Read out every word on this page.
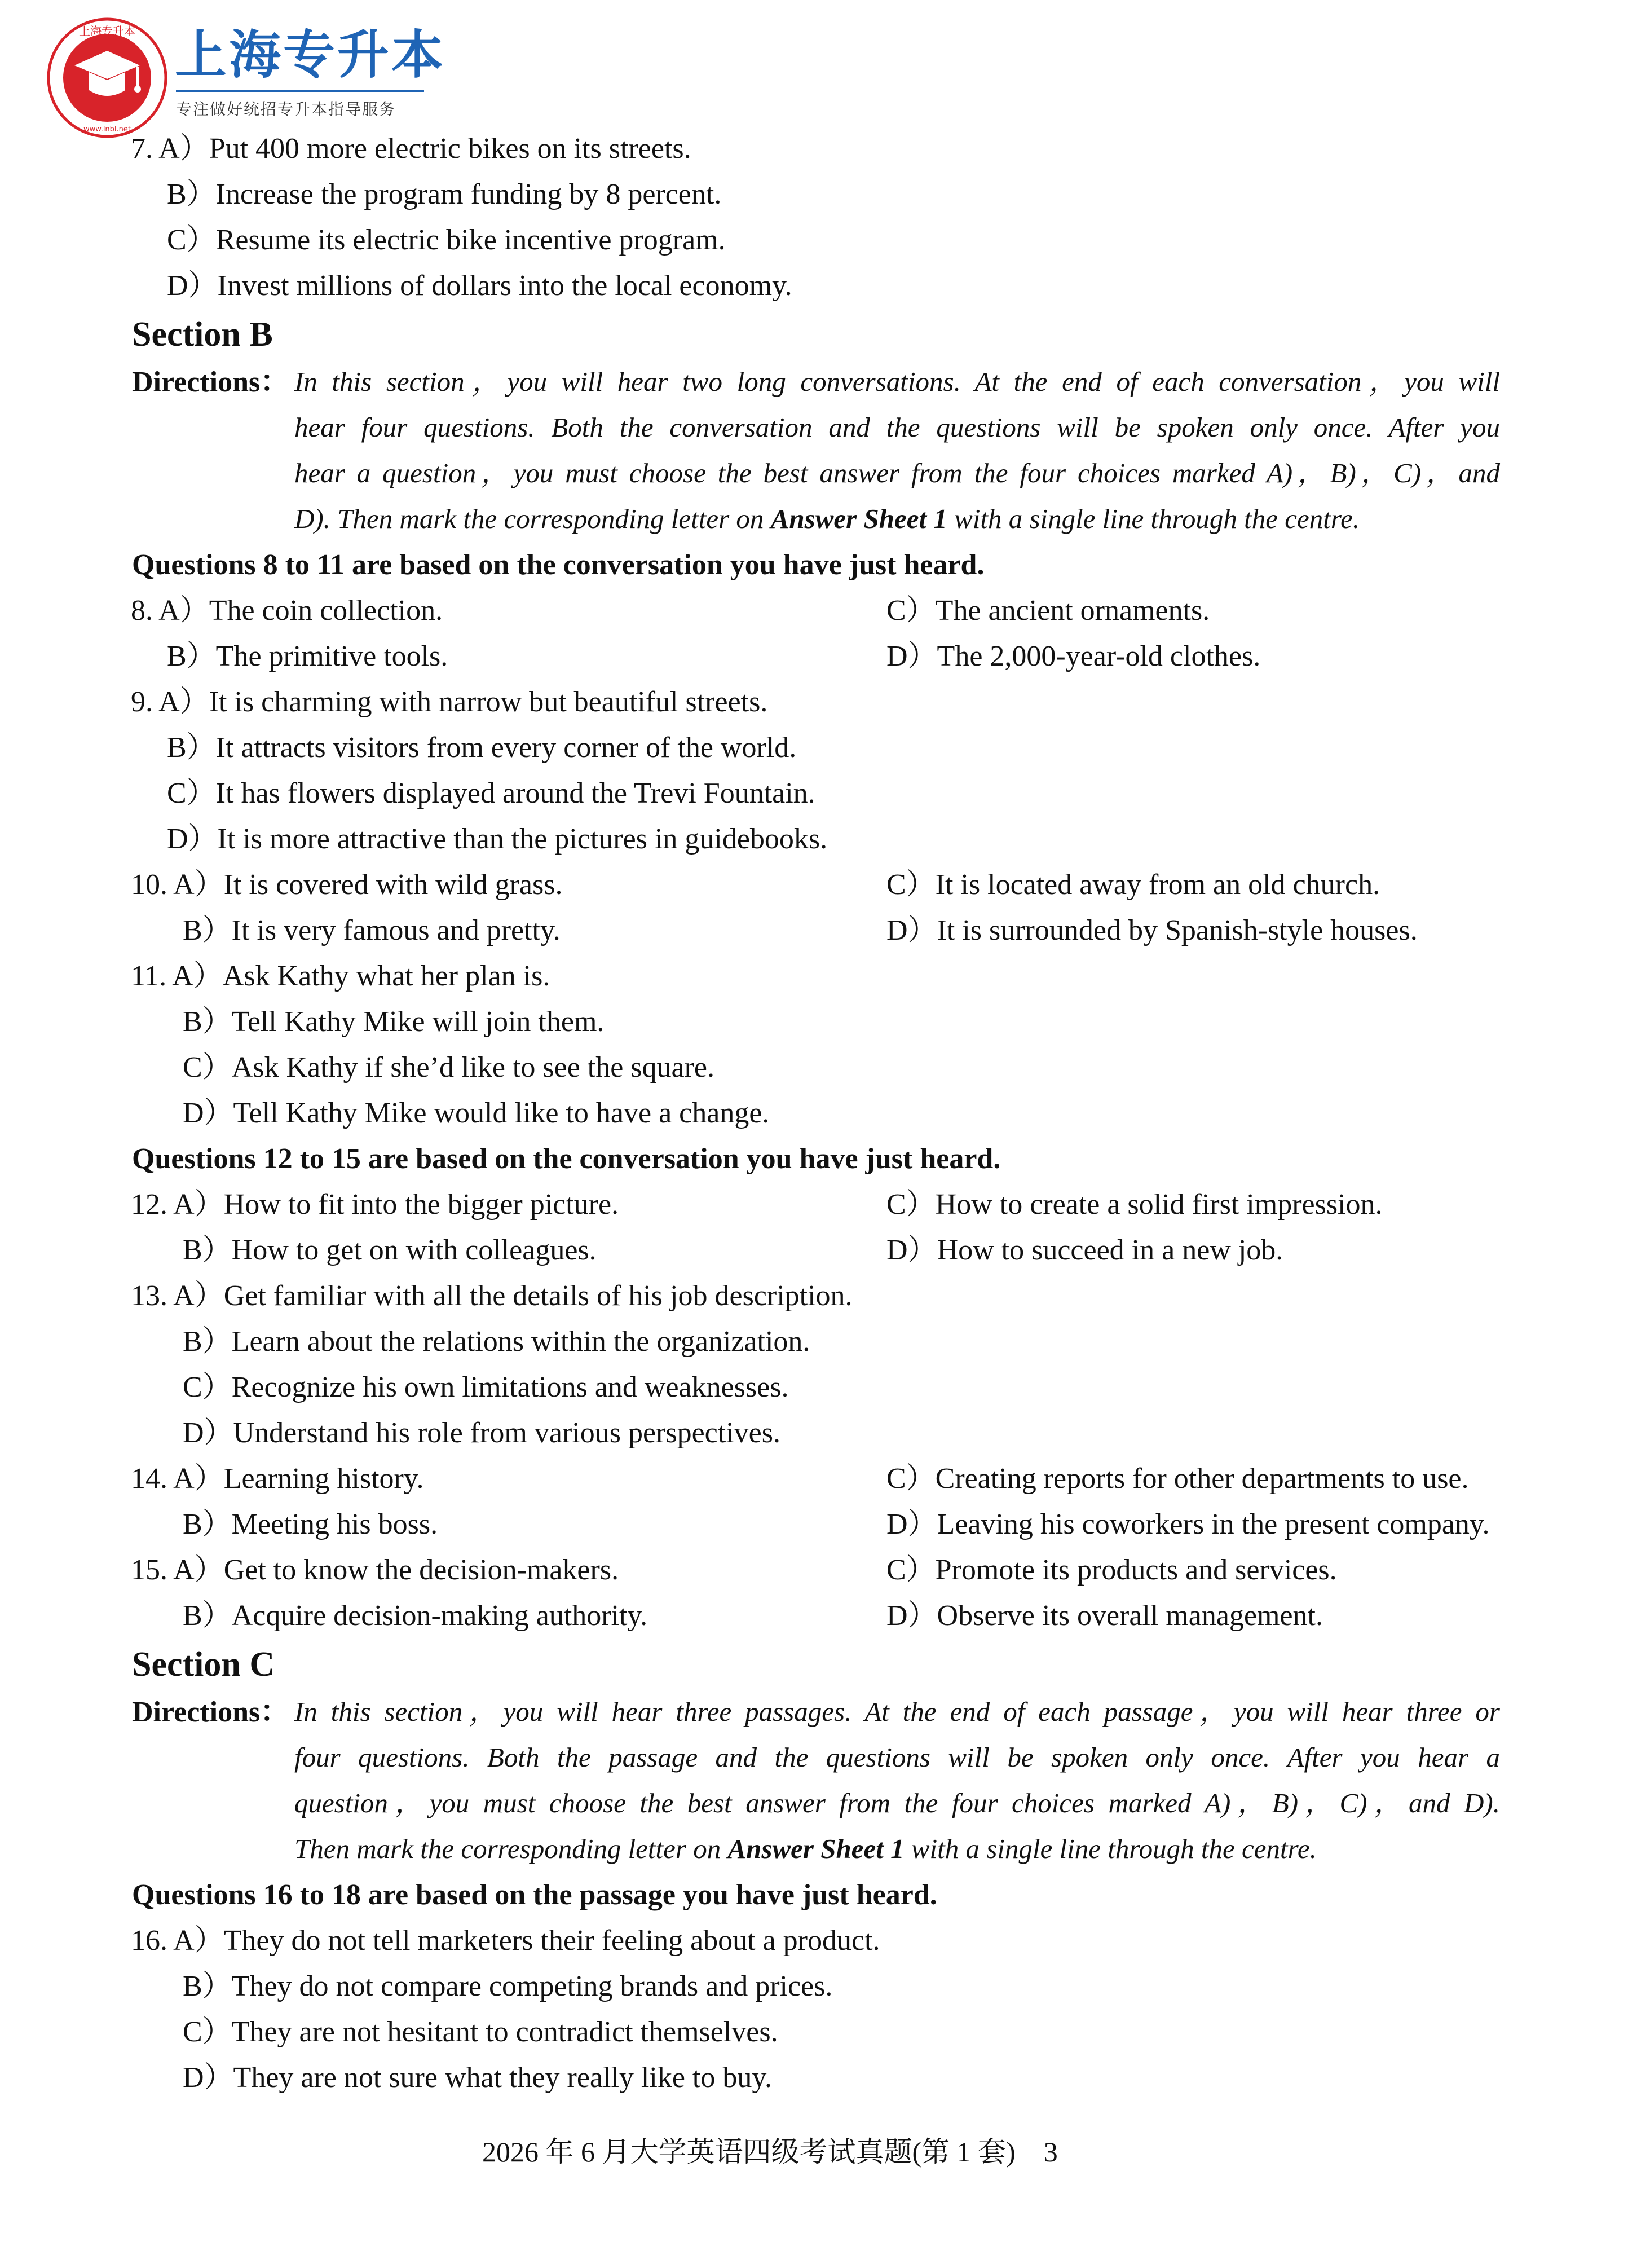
上海专升本
www.lnbl.net
上海专升本
专注做好统招专升本指导服务
7. A）Put 400 more electric bikes on its streets.
B）Increase the program funding by 8 percent.
C）Resume its electric bike incentive program.
D）Invest millions of dollars into the local economy.
Section B
Directions： In this section，you will hear two long conversations. At the end of each conversation，you will
hear four questions. Both the conversation and the questions will be spoken only once. After you
hear a question，you must choose the best answer from the four choices marked A)，B)，C)，and
D). Then mark the corresponding letter on Answer Sheet 1 with a single line through the centre.
Questions 8 to 11 are based on the conversation you have just heard.
8. A）The coin collection.	C）The ancient ornaments.
B）The primitive tools.	D）The 2,000-year-old clothes.
9. A）It is charming with narrow but beautiful streets.
B）It attracts visitors from every corner of the world.
C）It has flowers displayed around the Trevi Fountain.
D）It is more attractive than the pictures in guidebooks.
10. A）It is covered with wild grass.	C）It is located away from an old church.
B）It is very famous and pretty.	D）It is surrounded by Spanish-style houses.
11. A）Ask Kathy what her plan is.
B）Tell Kathy Mike will join them.
C）Ask Kathy if she’d like to see the square.
D）Tell Kathy Mike would like to have a change.
Questions 12 to 15 are based on the conversation you have just heard.
12. A）How to fit into the bigger picture.	C）How to create a solid first impression.
B）How to get on with colleagues.	D）How to succeed in a new job.
13. A）Get familiar with all the details of his job description.
B）Learn about the relations within the organization.
C）Recognize his own limitations and weaknesses.
D）Understand his role from various perspectives.
14. A）Learning history.	C）Creating reports for other departments to use.
B）Meeting his boss.	D）Leaving his coworkers in the present company.
15. A）Get to know the decision-makers.	C）Promote its products and services.
B）Acquire decision-making authority.	D）Observe its overall management.
Section C
Directions： In this section，you will hear three passages. At the end of each passage，you will hear three or
four questions. Both the passage and the questions will be spoken only once. After you hear a
question，you must choose the best answer from the four choices marked A)，B)，C)，and D).
Then mark the corresponding letter on Answer Sheet 1 with a single line through the centre.
Questions 16 to 18 are based on the passage you have just heard.
16. A）They do not tell marketers their feeling about a product.
B）They do not compare competing brands and prices.
C）They are not hesitant to contradict themselves.
D）They are not sure what they really like to buy.
2026 年 6 月大学英语四级考试真题(第 1 套)　3
